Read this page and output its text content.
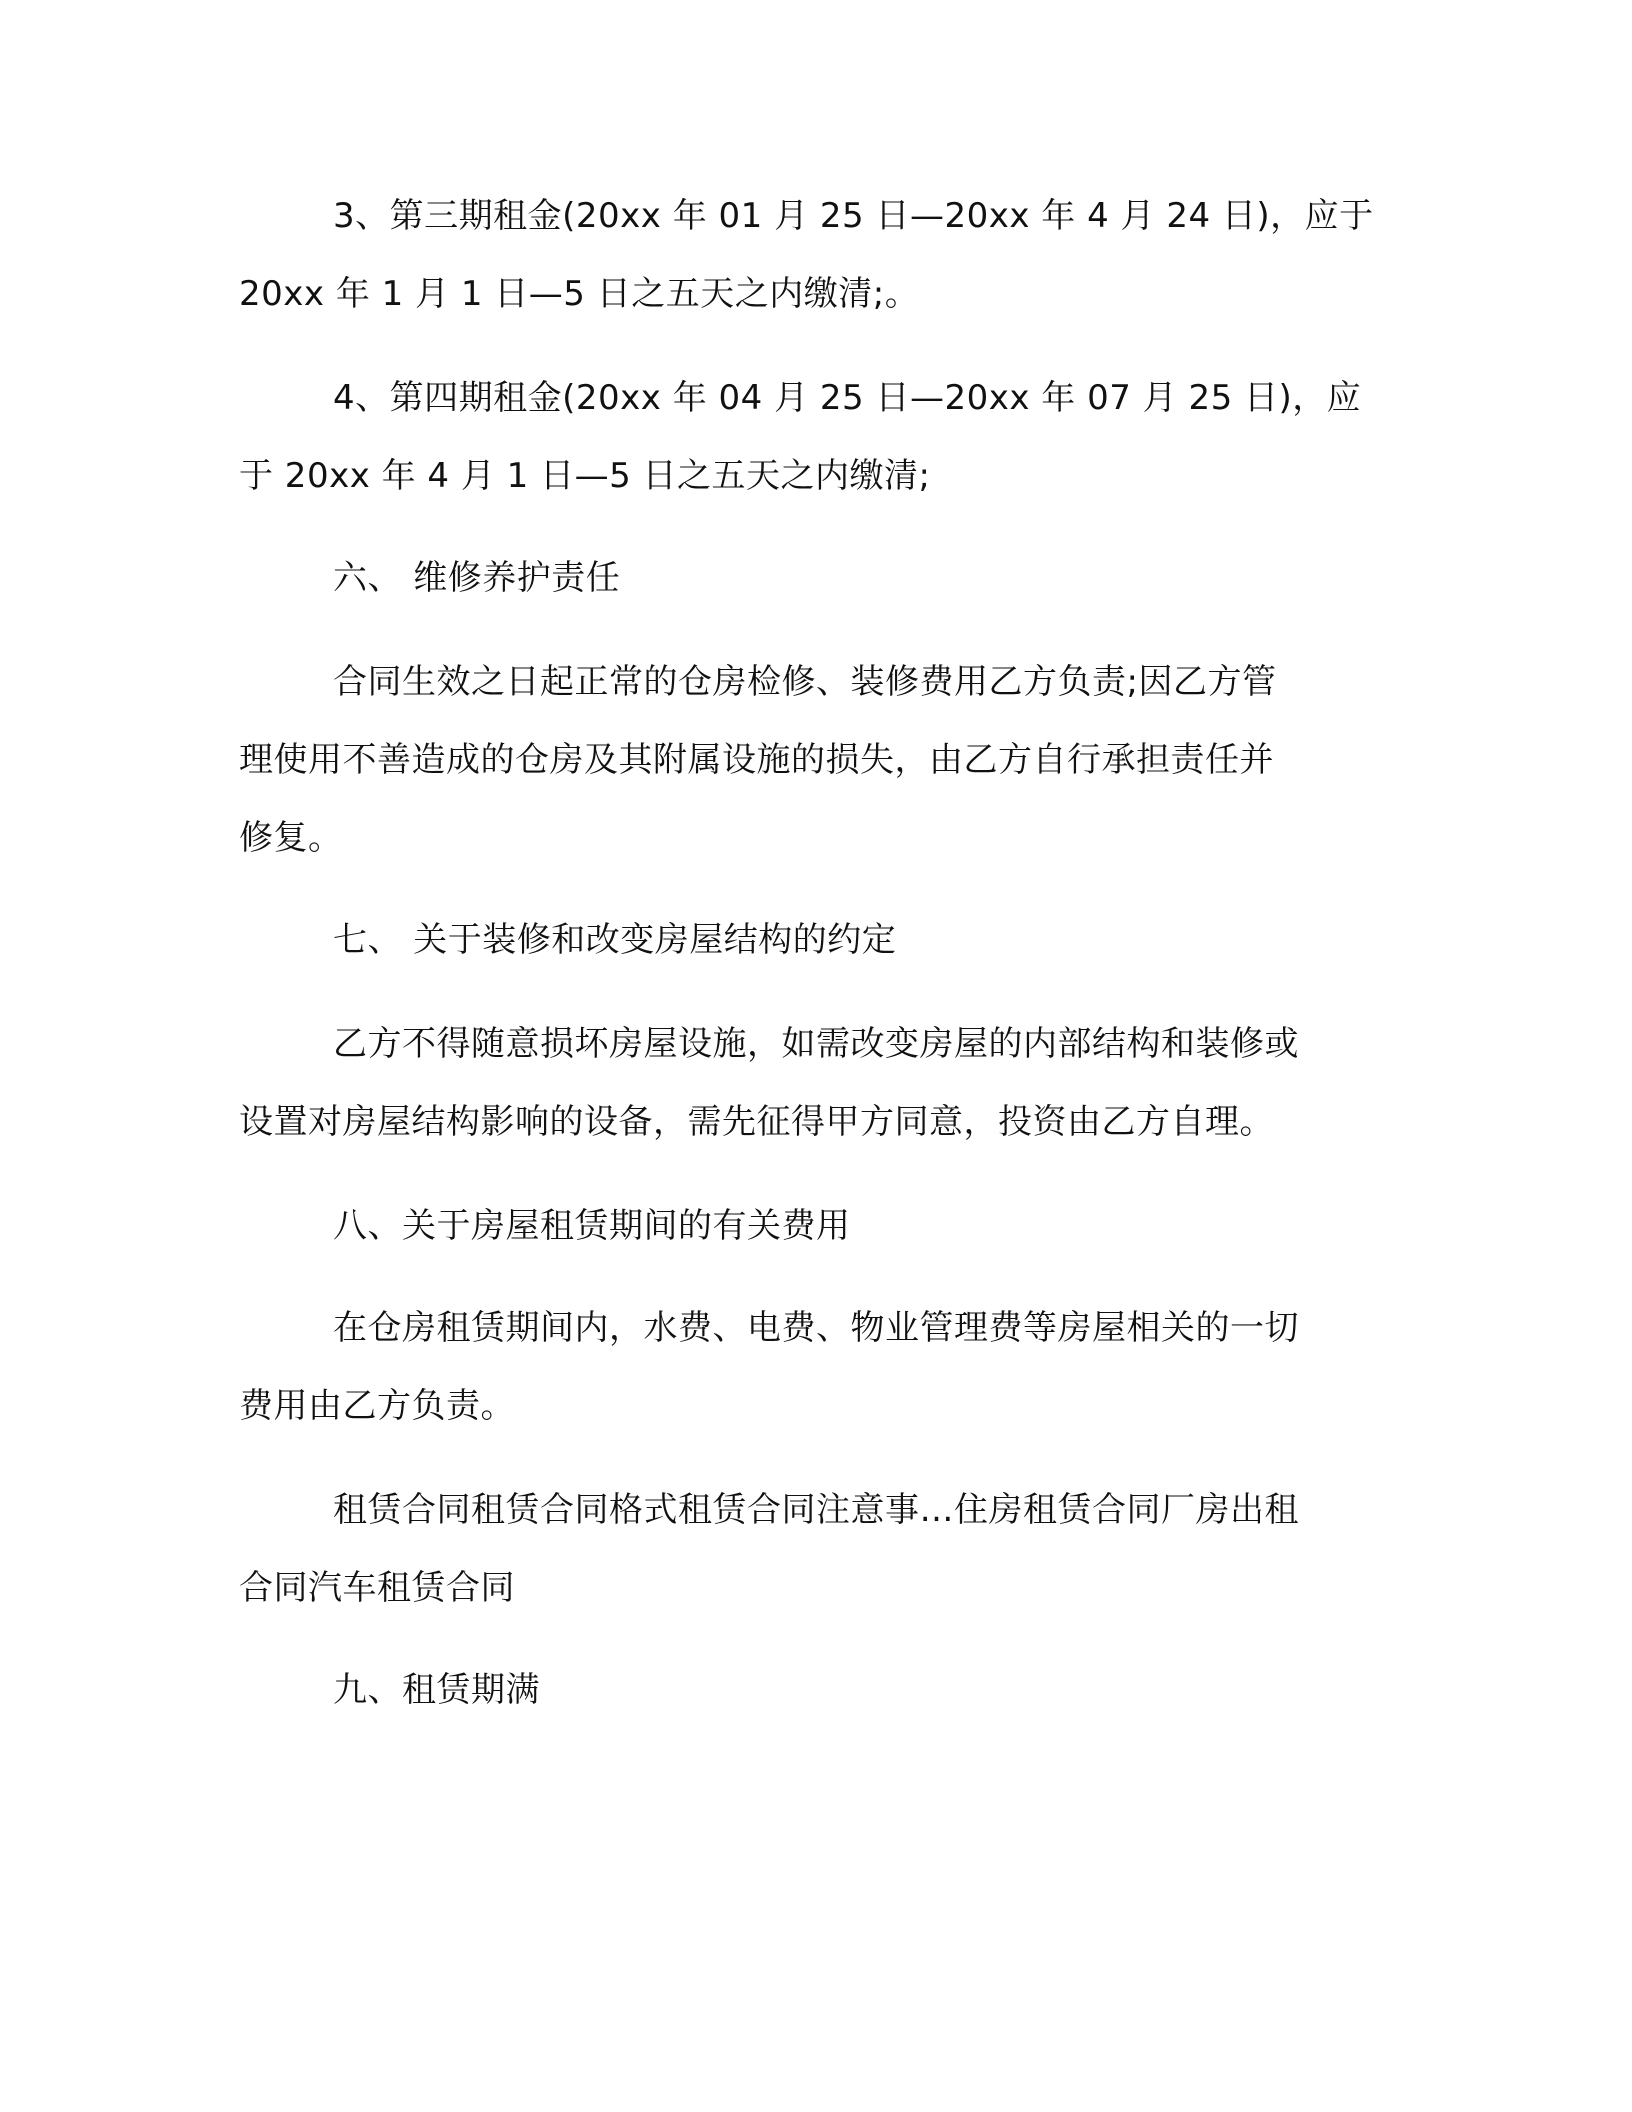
3、第三期租金(20xx 年 01 月 25 日—20xx 年 4 月 24 日)，应于
20xx 年 1 月 1 日—5 日之五天之内缴清;。
4、第四期租金(20xx 年 04 月 25 日—20xx 年 07 月 25 日)，应
于 20xx 年 4 月 1 日—5 日之五天之内缴清;
六、 维修养护责任
合同生效之日起正常的仓房检修、装修费用乙方负责;因乙方管
理使用不善造成的仓房及其附属设施的损失，由乙方自行承担责任并
修复。
七、 关于装修和改变房屋结构的约定
乙方不得随意损坏房屋设施，如需改变房屋的内部结构和装修或
设置对房屋结构影响的设备，需先征得甲方同意，投资由乙方自理。
八、关于房屋租赁期间的有关费用
在仓房租赁期间内，水费、电费、物业管理费等房屋相关的一切
费用由乙方负责。
租赁合同租赁合同格式租赁合同注意事…住房租赁合同厂房出租
合同汽车租赁合同
九、租赁期满
